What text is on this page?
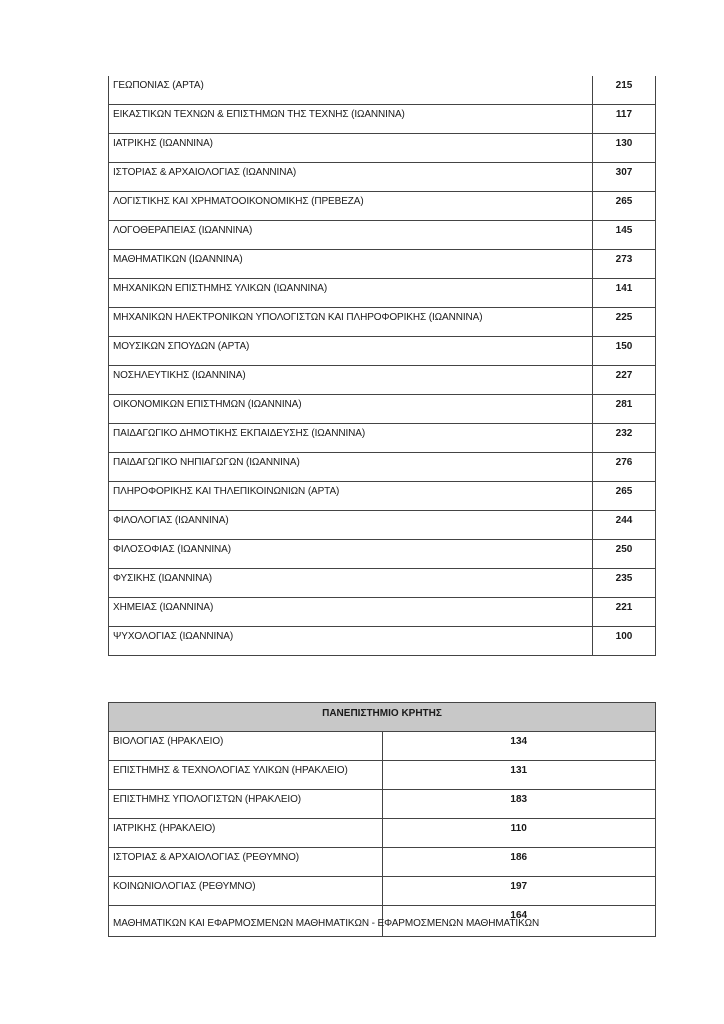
ΓΕΩΠΟΝΙΑΣ (ΑΡΤΑ)	215
ΕΙΚΑΣΤΙΚΩΝ ΤΕΧΝΩΝ & ΕΠΙΣΤΗΜΩΝ ΤΗΣ ΤΕΧΝΗΣ (ΙΩΑΝΝΙΝΑ)	117
ΙΑΤΡΙΚΗΣ (ΙΩΑΝΝΙΝΑ)	130
ΙΣΤΟΡΙΑΣ & ΑΡΧΑΙΟΛΟΓΙΑΣ (ΙΩΑΝΝΙΝΑ)	307
ΛΟΓΙΣΤΙΚΗΣ ΚΑΙ ΧΡΗΜΑΤΟΟΙΚΟΝΟΜΙΚΗΣ (ΠΡΕΒΕΖΑ)	265
ΛΟΓΟΘΕΡΑΠΕΙΑΣ (ΙΩΑΝΝΙΝΑ)	145
ΜΑΘΗΜΑΤΙΚΩΝ (ΙΩΑΝΝΙΝΑ)	273
ΜΗΧΑΝΙΚΩΝ ΕΠΙΣΤΗΜΗΣ ΥΛΙΚΩΝ (ΙΩΑΝΝΙΝΑ)	141
ΜΗΧΑΝΙΚΩΝ ΗΛΕΚΤΡΟΝΙΚΩΝ ΥΠΟΛΟΓΙΣΤΩΝ ΚΑΙ ΠΛΗΡΟΦΟΡΙΚΗΣ (ΙΩΑΝΝΙΝΑ)	225
ΜΟΥΣΙΚΩΝ ΣΠΟΥΔΩΝ (ΑΡΤΑ)	150
ΝΟΣΗΛΕΥΤΙΚΗΣ (ΙΩΑΝΝΙΝΑ)	227
ΟΙΚΟΝΟΜΙΚΩΝ ΕΠΙΣΤΗΜΩΝ (ΙΩΑΝΝΙΝΑ)	281
ΠΑΙΔΑΓΩΓΙΚΟ ΔΗΜΟΤΙΚΗΣ ΕΚΠΑΙΔΕΥΣΗΣ (ΙΩΑΝΝΙΝΑ)	232
ΠΑΙΔΑΓΩΓΙΚΟ ΝΗΠΙΑΓΩΓΩΝ (ΙΩΑΝΝΙΝΑ)	276
ΠΛΗΡΟΦΟΡΙΚΗΣ ΚΑΙ ΤΗΛΕΠΙΚΟΙΝΩΝΙΩΝ (ΑΡΤΑ)	265
ΦΙΛΟΛΟΓΙΑΣ (ΙΩΑΝΝΙΝΑ)	244
ΦΙΛΟΣΟΦΙΑΣ (ΙΩΑΝΝΙΝΑ)	250
ΦΥΣΙΚΗΣ (ΙΩΑΝΝΙΝΑ)	235
ΧΗΜΕΙΑΣ (ΙΩΑΝΝΙΝΑ)	221
ΨΥΧΟΛΟΓΙΑΣ (ΙΩΑΝΝΙΝΑ)	100
ΠΑΝΕΠΙΣΤΗΜΙΟ ΚΡΗΤΗΣ	
ΒΙΟΛΟΓΙΑΣ (ΗΡΑΚΛΕΙΟ)	134
ΕΠΙΣΤΗΜΗΣ & ΤΕΧΝΟΛΟΓΙΑΣ ΥΛΙΚΩΝ (ΗΡΑΚΛΕΙΟ)	131
ΕΠΙΣΤΗΜΗΣ ΥΠΟΛΟΓΙΣΤΩΝ (ΗΡΑΚΛΕΙΟ)	183
ΙΑΤΡΙΚΗΣ (ΗΡΑΚΛΕΙΟ)	110
ΙΣΤΟΡΙΑΣ & ΑΡΧΑΙΟΛΟΓΙΑΣ (ΡΕΘΥΜΝΟ)	186
ΚΟΙΝΩΝΙΟΛΟΓΙΑΣ (ΡΕΘΥΜΝΟ)	197
ΜΑΘΗΜΑΤΙΚΩΝ ΚΑΙ ΕΦΑΡΜΟΣΜΕΝΩΝ ΜΑΘΗΜΑΤΙΚΩΝ - ΕΦΑΡΜΟΣΜΕΝΩΝ ΜΑΘΗΜΑΤΙΚΩΝ	164
